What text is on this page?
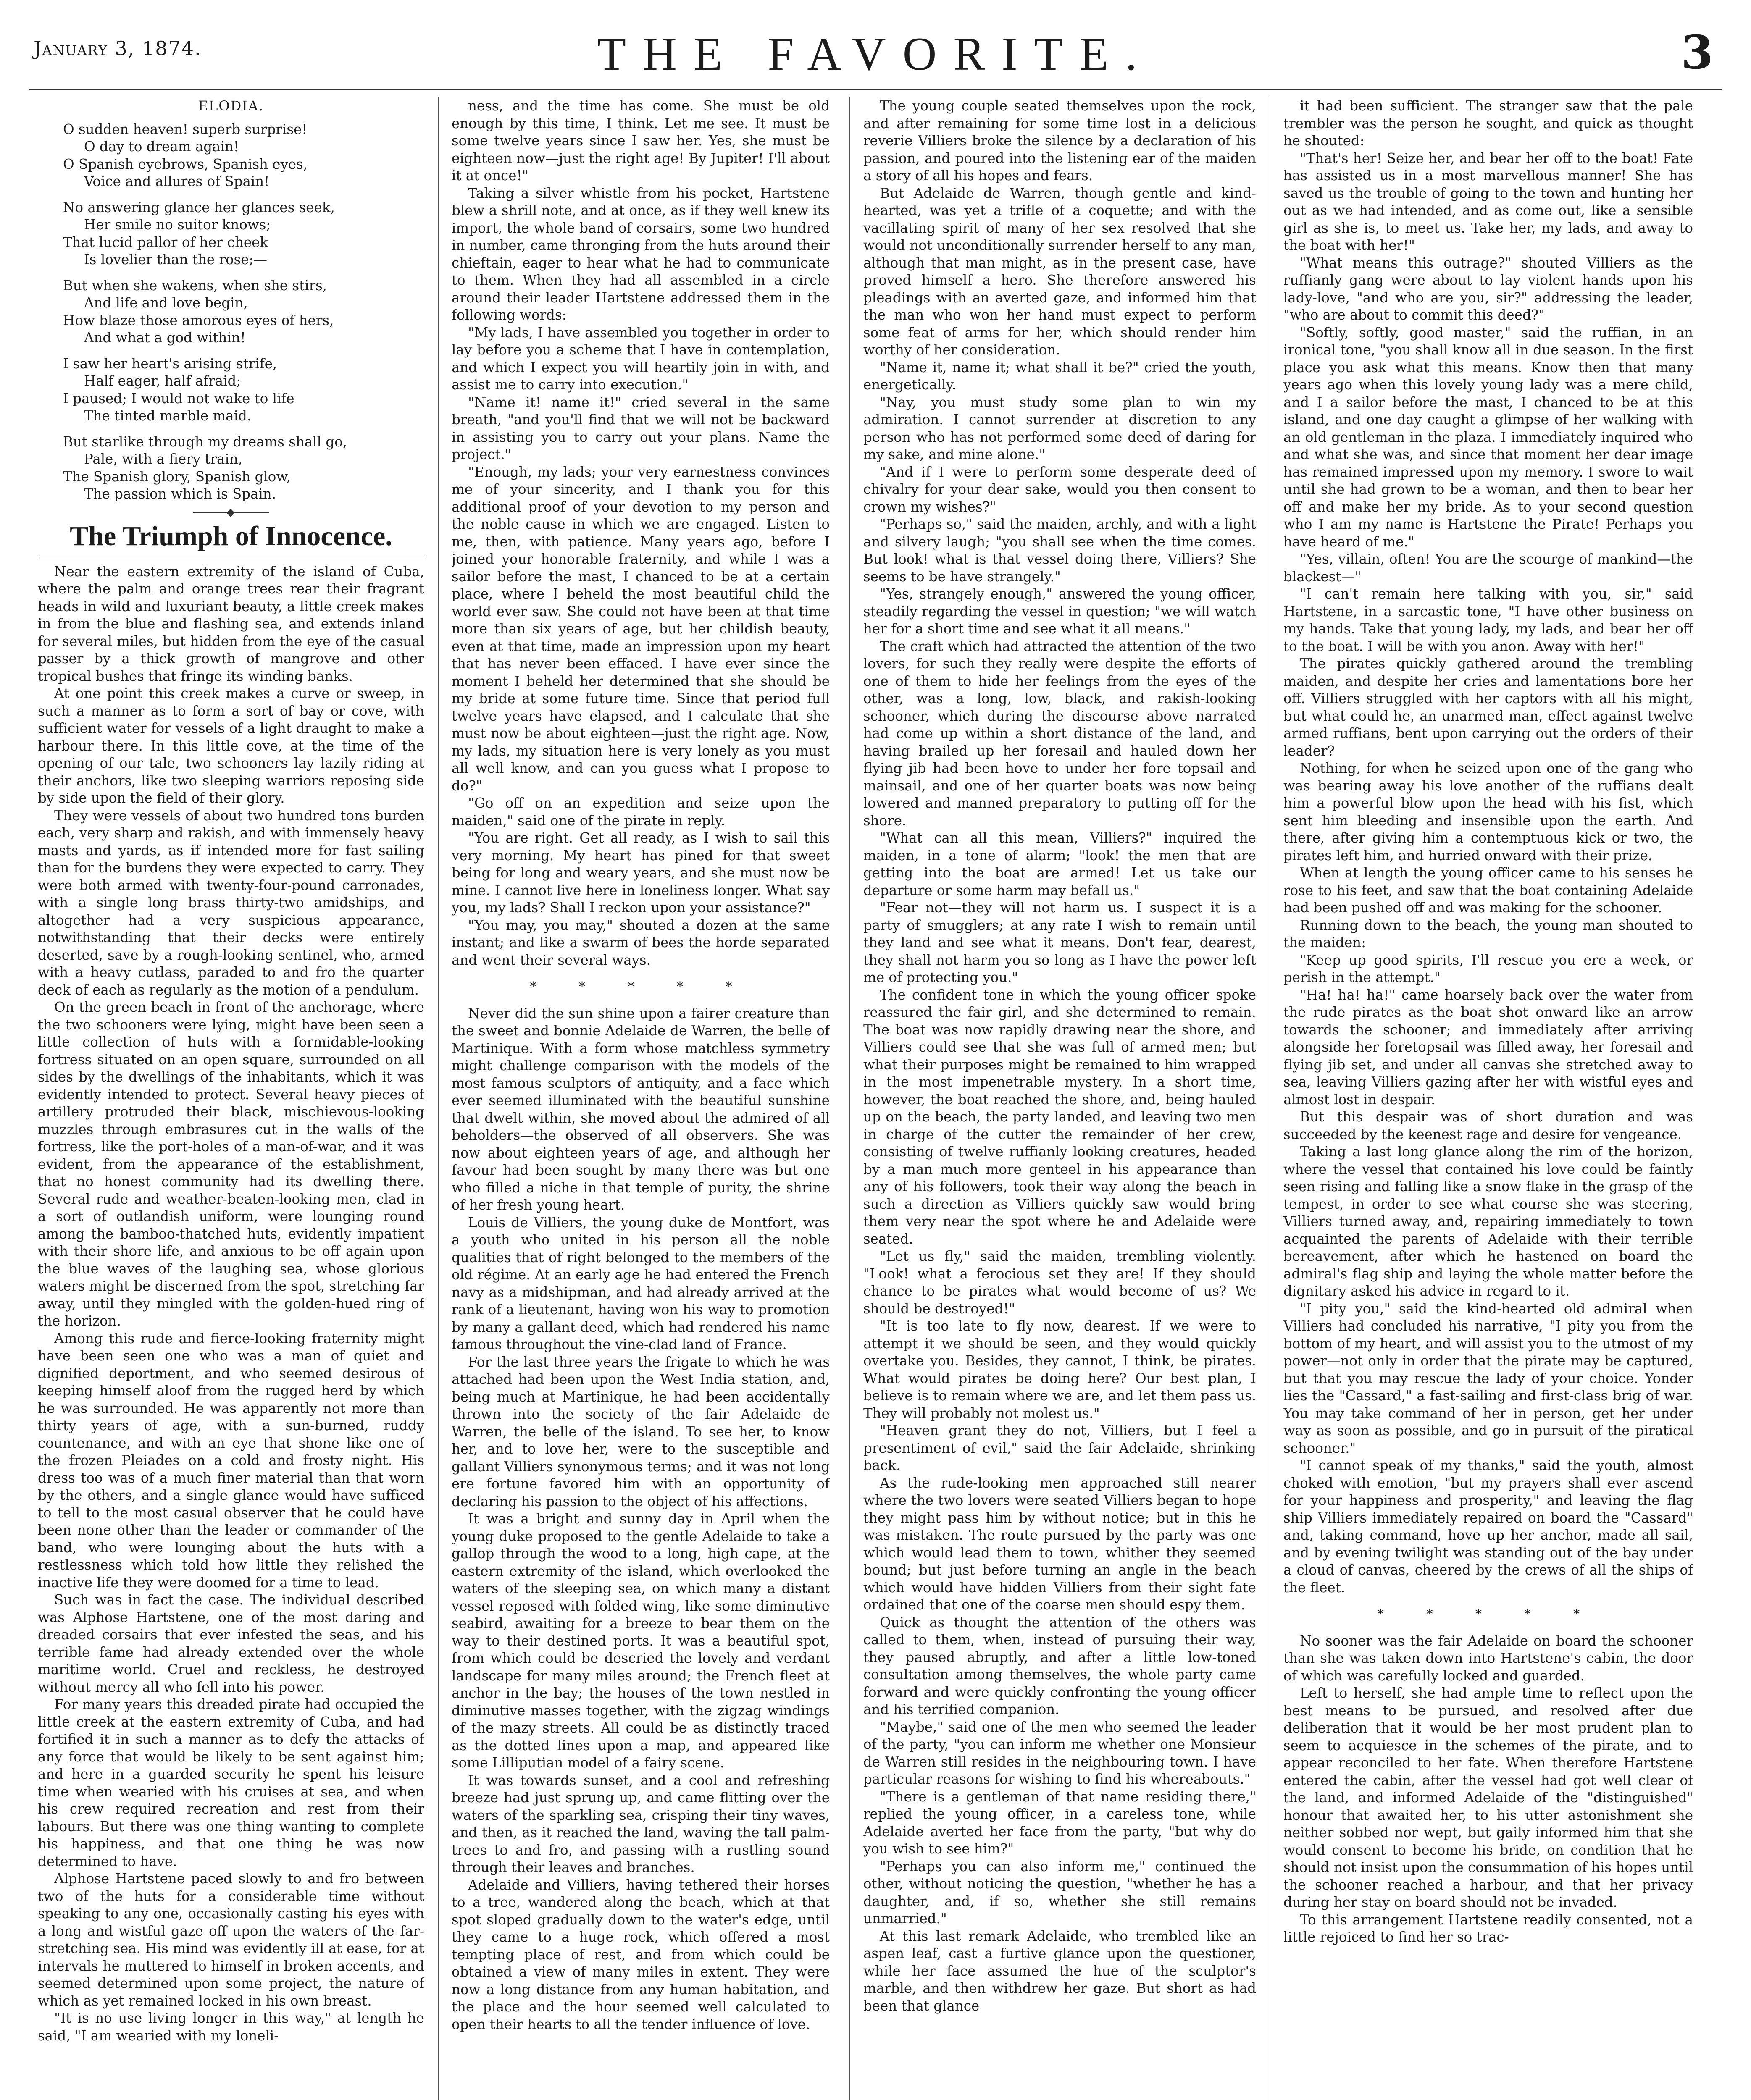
January 3, 1874.	THE FAVORITE.	3
ELODIA.
O sudden heaven! superb surprise!
O day to dream again!
O Spanish eyebrows, Spanish eyes,
Voice and allures of Spain!
No answering glance her glances seek,
Her smile no suitor knows;
That lucid pallor of her cheek
Is lovelier than the rose;—
But when she wakens, when she stirs,
And life and love begin,
How blaze those amorous eyes of hers,
And what a god within!
I saw her heart's arising strife,
Half eager, half afraid;
I paused; I would not wake to life
The tinted marble maid.
But starlike through my dreams shall go,
Pale, with a fiery train,
The Spanish glory, Spanish glow,
The passion which is Spain.
The Triumph of Innocence.

Near the eastern extremity of the island of Cuba, where the palm and orange trees rear their fragrant heads in wild and luxuriant beauty, a little creek makes in from the blue and flashing sea, and extends inland for several miles, but hidden from the eye of the casual passer by a thick growth of mangrove and other tropical bushes that fringe its winding banks.

At one point this creek makes a curve or sweep, in such a manner as to form a sort of bay or cove, with sufficient water for vessels of a light draught to make a harbour there. In this little cove, at the time of the opening of our tale, two schooners lay lazily riding at their anchors, like two sleeping warriors reposing side by side upon the field of their glory.

They were vessels of about two hundred tons burden each, very sharp and rakish, and with immensely heavy masts and yards, as if intended more for fast sailing than for the burdens they were expected to carry. They were both armed with twenty-four-pound carronades, with a single long brass thirty-two amidships, and altogether had a very suspicious appearance, notwithstanding that their decks were entirely deserted, save by a rough-looking sentinel, who, armed with a heavy cutlass, paraded to and fro the quarter deck of each as regularly as the motion of a pendulum.

On the green beach in front of the anchorage, where the two schooners were lying, might have been seen a little collection of huts with a formidable-looking fortress situated on an open square, surrounded on all sides by the dwellings of the inhabitants, which it was evidently intended to protect. Several heavy pieces of artillery protruded their black, mischievous-looking muzzles through embrasures cut in the walls of the fortress, like the port-holes of a man-of-war, and it was evident, from the appearance of the establishment, that no honest community had its dwelling there. Several rude and weather-beaten-looking men, clad in a sort of outlandish uniform, were lounging round among the bamboo-thatched huts, evidently impatient with their shore life, and anxious to be off again upon the blue waves of the laughing sea, whose glorious waters might be discerned from the spot, stretching far away, until they mingled with the golden-hued ring of the horizon.

Among this rude and fierce-looking fraternity might have been seen one who was a man of quiet and dignified deportment, and who seemed desirous of keeping himself aloof from the rugged herd by which he was surrounded. He was apparently not more than thirty years of age, with a sun-burned, ruddy countenance, and with an eye that shone like one of the frozen Pleiades on a cold and frosty night. His dress too was of a much finer material than that worn by the others, and a single glance would have sufficed to tell to the most casual observer that he could have been none other than the leader or commander of the band, who were lounging about the huts with a restlessness which told how little they relished the inactive life they were doomed for a time to lead.

Such was in fact the case. The individual described was Alphose Hartstene, one of the most daring and dreaded corsairs that ever infested the seas, and his terrible fame had already extended over the whole maritime world. Cruel and reckless, he destroyed without mercy all who fell into his power.

For many years this dreaded pirate had occupied the little creek at the eastern extremity of Cuba, and had fortified it in such a manner as to defy the attacks of any force that would be likely to be sent against him; and here in a guarded security he spent his leisure time when wearied with his cruises at sea, and when his crew required recreation and rest from their labours. But there was one thing wanting to complete his happiness, and that one thing he was now determined to have.

Alphose Hartstene paced slowly to and fro between two of the huts for a considerable time without speaking to any one, occasionally casting his eyes with a long and wistful gaze off upon the waters of the far-stretching sea. His mind was evidently ill at ease, for at intervals he muttered to himself in broken accents, and seemed determined upon some project, the nature of which as yet remained locked in his own breast.

"It is no use living longer in this way," at length he said, "I am wearied with my loneli-

ness, and the time has come. She must be old enough by this time, I think. Let me see. It must be some twelve years since I saw her. Yes, she must be eighteen now—just the right age! By Jupiter! I'll about it at once!"

Taking a silver whistle from his pocket, Hartstene blew a shrill note, and at once, as if they well knew its import, the whole band of corsairs, some two hundred in number, came thronging from the huts around their chieftain, eager to hear what he had to communicate to them. When they had all assembled in a circle around their leader Hartstene addressed them in the following words:

"My lads, I have assembled you together in order to lay before you a scheme that I have in contemplation, and which I expect you will heartily join in with, and assist me to carry into execution."

"Name it! name it!" cried several in the same breath, "and you'll find that we will not be backward in assisting you to carry out your plans. Name the project."

"Enough, my lads; your very earnestness convinces me of your sincerity, and I thank you for this additional proof of your devotion to my person and the noble cause in which we are engaged. Listen to me, then, with patience. Many years ago, before I joined your honorable fraternity, and while I was a sailor before the mast, I chanced to be at a certain place, where I beheld the most beautiful child the world ever saw. She could not have been at that time more than six years of age, but her childish beauty, even at that time, made an impression upon my heart that has never been effaced. I have ever since the moment I beheld her determined that she should be my bride at some future time. Since that period full twelve years have elapsed, and I calculate that she must now be about eighteen—just the right age. Now, my lads, my situation here is very lonely as you must all well know, and can you guess what I propose to do?"

"Go off on an expedition and seize upon the maiden," said one of the pirate in reply.

"You are right. Get all ready, as I wish to sail this very morning. My heart has pined for that sweet being for long and weary years, and she must now be mine. I cannot live here in loneliness longer. What say you, my lads? Shall I reckon upon your assistance?"

"You may, you may," shouted a dozen at the same instant; and like a swarm of bees the horde separated and went their several ways.

* * * * *

Never did the sun shine upon a fairer creature than the sweet and bonnie Adelaide de Warren, the belle of Martinique. With a form whose matchless symmetry might challenge comparison with the models of the most famous sculptors of antiquity, and a face which ever seemed illuminated with the beautiful sunshine that dwelt within, she moved about the admired of all beholders—the observed of all observers. She was now about eighteen years of age, and although her favour had been sought by many there was but one who filled a niche in that temple of purity, the shrine of her fresh young heart.

Louis de Villiers, the young duke de Montfort, was a youth who united in his person all the noble qualities that of right belonged to the members of the old régime. At an early age he had entered the French navy as a midshipman, and had already arrived at the rank of a lieutenant, having won his way to promotion by many a gallant deed, which had rendered his name famous throughout the vine-clad land of France.

For the last three years the frigate to which he was attached had been upon the West India station, and, being much at Martinique, he had been accidentally thrown into the society of the fair Adelaide de Warren, the belle of the island. To see her, to know her, and to love her, were to the susceptible and gallant Villiers synonymous terms; and it was not long ere fortune favored him with an opportunity of declaring his passion to the object of his affections.

It was a bright and sunny day in April when the young duke proposed to the gentle Adelaide to take a gallop through the wood to a long, high cape, at the eastern extremity of the island, which overlooked the waters of the sleeping sea, on which many a distant vessel reposed with folded wing, like some diminutive seabird, awaiting for a breeze to bear them on the way to their destined ports. It was a beautiful spot, from which could be descried the lovely and verdant landscape for many miles around; the French fleet at anchor in the bay; the houses of the town nestled in diminutive masses together, with the zigzag windings of the mazy streets. All could be as distinctly traced as the dotted lines upon a map, and appeared like some Lilliputian model of a fairy scene.

It was towards sunset, and a cool and refreshing breeze had just sprung up, and came flitting over the waters of the sparkling sea, crisping their tiny waves, and then, as it reached the land, waving the tall palm-trees to and fro, and passing with a rustling sound through their leaves and branches.

Adelaide and Villiers, having tethered their horses to a tree, wandered along the beach, which at that spot sloped gradually down to the water's edge, until they came to a huge rock, which offered a most tempting place of rest, and from which could be obtained a view of many miles in extent. They were now a long distance from any human habitation, and the place and the hour seemed well calculated to open their hearts to all the tender influence of love.

The young couple seated themselves upon the rock, and after remaining for some time lost in a delicious reverie Villiers broke the silence by a declaration of his passion, and poured into the listening ear of the maiden a story of all his hopes and fears.

But Adelaide de Warren, though gentle and kind-hearted, was yet a trifle of a coquette; and with the vacillating spirit of many of her sex resolved that she would not unconditionally surrender herself to any man, although that man might, as in the present case, have proved himself a hero. She therefore answered his pleadings with an averted gaze, and informed him that the man who won her hand must expect to perform some feat of arms for her, which should render him worthy of her consideration.

"Name it, name it; what shall it be?" cried the youth, energetically.

"Nay, you must study some plan to win my admiration. I cannot surrender at discretion to any person who has not performed some deed of daring for my sake, and mine alone."

"And if I were to perform some desperate deed of chivalry for your dear sake, would you then consent to crown my wishes?"

"Perhaps so," said the maiden, archly, and with a light and silvery laugh; "you shall see when the time comes. But look! what is that vessel doing there, Villiers? She seems to be have strangely."

"Yes, strangely enough," answered the young officer, steadily regarding the vessel in question; "we will watch her for a short time and see what it all means."

The craft which had attracted the attention of the two lovers, for such they really were despite the efforts of one of them to hide her feelings from the eyes of the other, was a long, low, black, and rakish-looking schooner, which during the discourse above narrated had come up within a short distance of the land, and having brailed up her foresail and hauled down her flying jib had been hove to under her fore topsail and mainsail, and one of her quarter boats was now being lowered and manned preparatory to putting off for the shore.

"What can all this mean, Villiers?" inquired the maiden, in a tone of alarm; "look! the men that are getting into the boat are armed! Let us take our departure or some harm may befall us."

"Fear not—they will not harm us. I suspect it is a party of smugglers; at any rate I wish to remain until they land and see what it means. Don't fear, dearest, they shall not harm you so long as I have the power left me of protecting you."

The confident tone in which the young officer spoke reassured the fair girl, and she determined to remain. The boat was now rapidly drawing near the shore, and Villiers could see that she was full of armed men; but what their purposes might be remained to him wrapped in the most impenetrable mystery. In a short time, however, the boat reached the shore, and, being hauled up on the beach, the party landed, and leaving two men in charge of the cutter the remainder of her crew, consisting of twelve ruffianly looking creatures, headed by a man much more genteel in his appearance than any of his followers, took their way along the beach in such a direction as Villiers quickly saw would bring them very near the spot where he and Adelaide were seated.

"Let us fly," said the maiden, trembling violently. "Look! what a ferocious set they are! If they should chance to be pirates what would become of us? We should be destroyed!"

"It is too late to fly now, dearest. If we were to attempt it we should be seen, and they would quickly overtake you. Besides, they cannot, I think, be pirates. What would pirates be doing here? Our best plan, I believe is to remain where we are, and let them pass us. They will probably not molest us."

"Heaven grant they do not, Villiers, but I feel a presentiment of evil," said the fair Adelaide, shrinking back.

As the rude-looking men approached still nearer where the two lovers were seated Villiers began to hope they might pass him by without notice; but in this he was mistaken. The route pursued by the party was one which would lead them to town, whither they seemed bound; but just before turning an angle in the beach which would have hidden Villiers from their sight fate ordained that one of the coarse men should espy them.

Quick as thought the attention of the others was called to them, when, instead of pursuing their way, they paused abruptly, and after a little low-toned consultation among themselves, the whole party came forward and were quickly confronting the young officer and his terrified companion.

"Maybe," said one of the men who seemed the leader of the party, "you can inform me whether one Monsieur de Warren still resides in the neighbouring town. I have particular reasons for wishing to find his whereabouts."

"There is a gentleman of that name residing there," replied the young officer, in a careless tone, while Adelaide averted her face from the party, "but why do you wish to see him?"

"Perhaps you can also inform me," continued the other, without noticing the question, "whether he has a daughter, and, if so, whether she still remains unmarried."

At this last remark Adelaide, who trembled like an aspen leaf, cast a furtive glance upon the questioner, while her face assumed the hue of the sculptor's marble, and then withdrew her gaze. But short as had been that glance

it had been sufficient. The stranger saw that the pale trembler was the person he sought, and quick as thought he shouted:

"That's her! Seize her, and bear her off to the boat! Fate has assisted us in a most marvellous manner! She has saved us the trouble of going to the town and hunting her out as we had intended, and as come out, like a sensible girl as she is, to meet us. Take her, my lads, and away to the boat with her!"

"What means this outrage?" shouted Villiers as the ruffianly gang were about to lay violent hands upon his lady-love, "and who are you, sir?" addressing the leader, "who are about to commit this deed?"

"Softly, softly, good master," said the ruffian, in an ironical tone, "you shall know all in due season. In the first place you ask what this means. Know then that many years ago when this lovely young lady was a mere child, and I a sailor before the mast, I chanced to be at this island, and one day caught a glimpse of her walking with an old gentleman in the plaza. I immediately inquired who and what she was, and since that moment her dear image has remained impressed upon my memory. I swore to wait until she had grown to be a woman, and then to bear her off and make her my bride. As to your second question who I am my name is Hartstene the Pirate! Perhaps you have heard of me."

"Yes, villain, often! You are the scourge of mankind—the blackest—"

"I can't remain here talking with you, sir," said Hartstene, in a sarcastic tone, "I have other business on my hands. Take that young lady, my lads, and bear her off to the boat. I will be with you anon. Away with her!"

The pirates quickly gathered around the trembling maiden, and despite her cries and lamentations bore her off. Villiers struggled with her captors with all his might, but what could he, an unarmed man, effect against twelve armed ruffians, bent upon carrying out the orders of their leader?

Nothing, for when he seized upon one of the gang who was bearing away his love another of the ruffians dealt him a powerful blow upon the head with his fist, which sent him bleeding and insensible upon the earth. And there, after giving him a contemptuous kick or two, the pirates left him, and hurried onward with their prize.

When at length the young officer came to his senses he rose to his feet, and saw that the boat containing Adelaide had been pushed off and was making for the schooner.

Running down to the beach, the young man shouted to the maiden:

"Keep up good spirits, I'll rescue you ere a week, or perish in the attempt."

"Ha! ha! ha!" came hoarsely back over the water from the rude pirates as the boat shot onward like an arrow towards the schooner; and immediately after arriving alongside her foretopsail was filled away, her foresail and flying jib set, and under all canvas she stretched away to sea, leaving Villiers gazing after her with wistful eyes and almost lost in despair.

But this despair was of short duration and was succeeded by the keenest rage and desire for vengeance.

Taking a last long glance along the rim of the horizon, where the vessel that contained his love could be faintly seen rising and falling like a snow flake in the grasp of the tempest, in order to see what course she was steering, Villiers turned away, and, repairing immediately to town acquainted the parents of Adelaide with their terrible bereavement, after which he hastened on board the admiral's flag ship and laying the whole matter before the dignitary asked his advice in regard to it.

"I pity you," said the kind-hearted old admiral when Villiers had concluded his narrative, "I pity you from the bottom of my heart, and will assist you to the utmost of my power—not only in order that the pirate may be captured, but that you may rescue the lady of your choice. Yonder lies the "Cassard," a fast-sailing and first-class brig of war. You may take command of her in person, get her under way as soon as possible, and go in pursuit of the piratical schooner."

"I cannot speak of my thanks," said the youth, almost choked with emotion, "but my prayers shall ever ascend for your happiness and prosperity," and leaving the flag ship Villiers immediately repaired on board the "Cassard" and, taking command, hove up her anchor, made all sail, and by evening twilight was standing out of the bay under a cloud of canvas, cheered by the crews of all the ships of the fleet.

* * * * *

No sooner was the fair Adelaide on board the schooner than she was taken down into Hartstene's cabin, the door of which was carefully locked and guarded.

Left to herself, she had ample time to reflect upon the best means to be pursued, and resolved after due deliberation that it would be her most prudent plan to seem to acquiesce in the schemes of the pirate, and to appear reconciled to her fate. When therefore Hartstene entered the cabin, after the vessel had got well clear of the land, and informed Adelaide of the "distinguished" honour that awaited her, to his utter astonishment she neither sobbed nor wept, but gaily informed him that she would consent to become his bride, on condition that he should not insist upon the consummation of his hopes until the schooner reached a harbour, and that her privacy during her stay on board should not be invaded.

To this arrangement Hartstene readily consented, not a little rejoiced to find her so trac-
